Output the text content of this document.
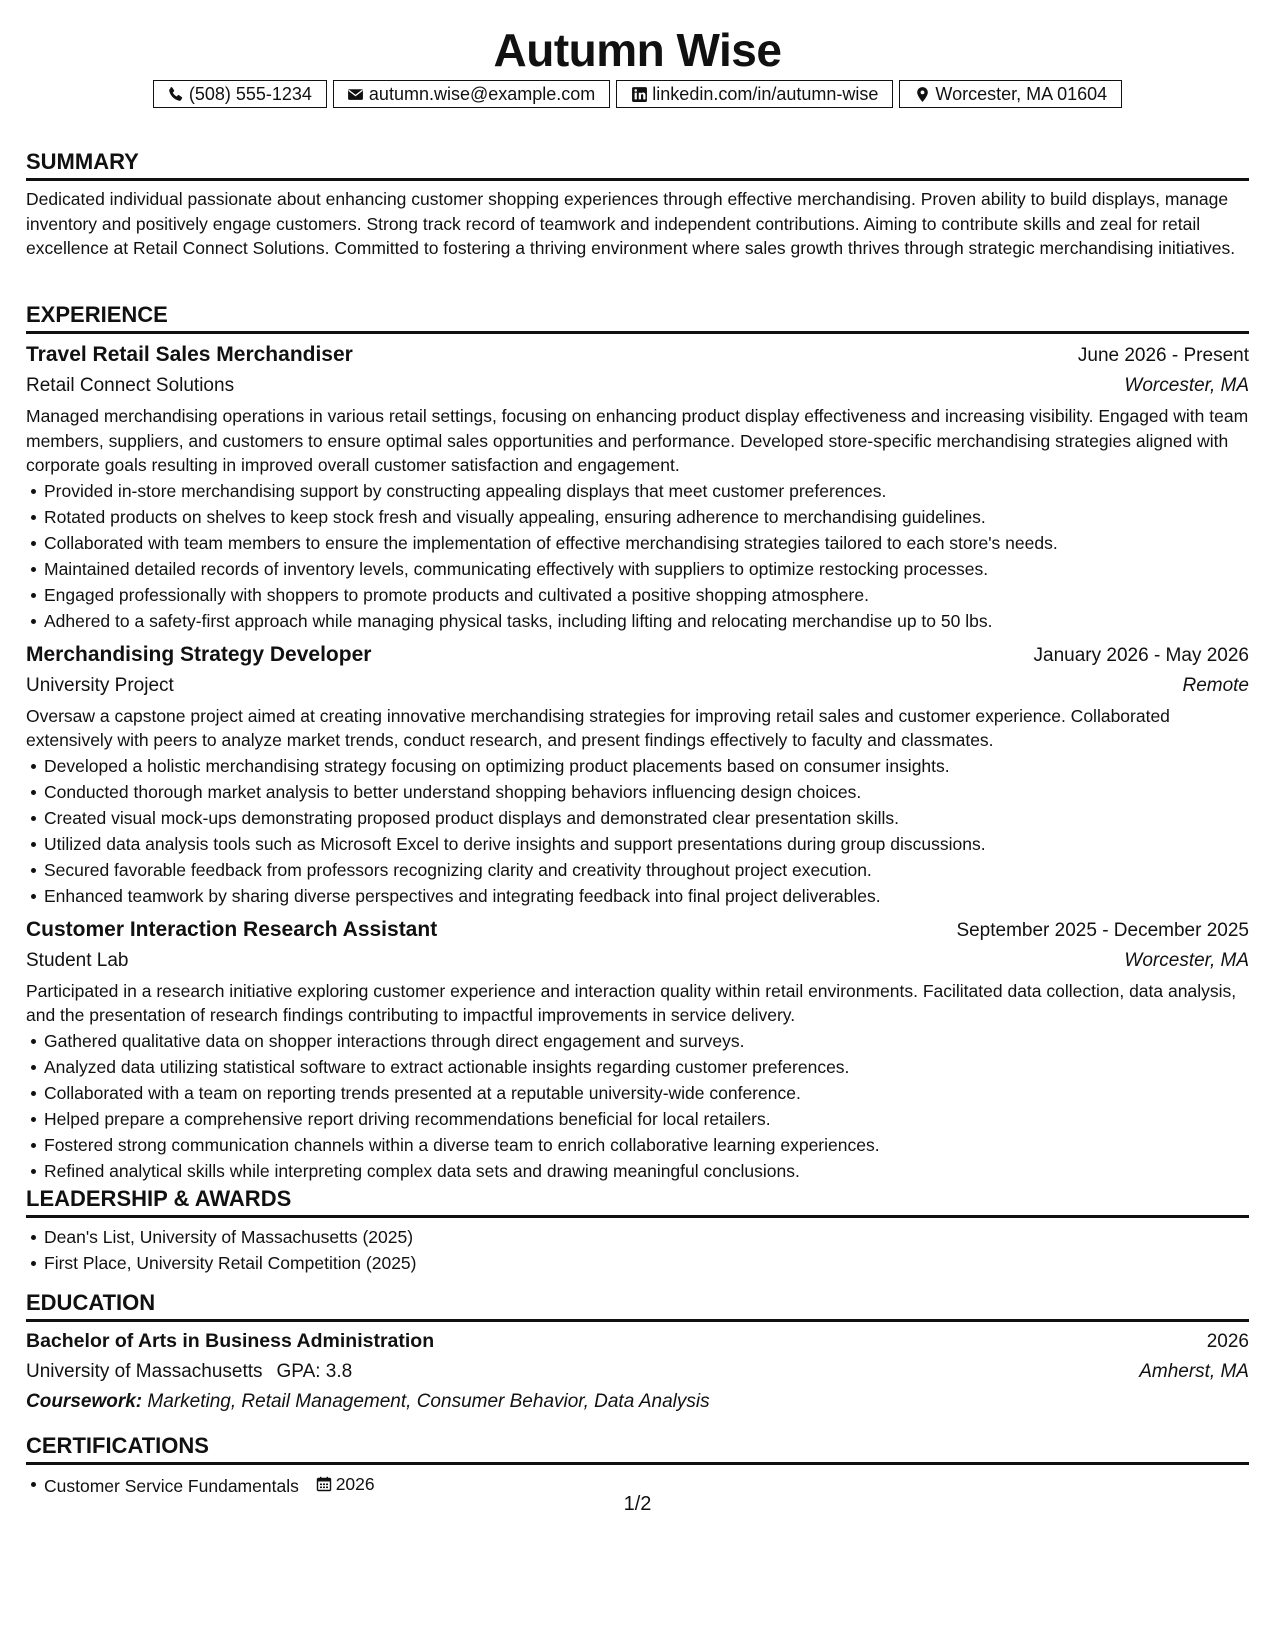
Autumn Wise
(508) 555-1234	autumn.wise@example.com	linkedin.com/in/autumn-wise	Worcester, MA 01604
SUMMARY

Dedicated individual passionate about enhancing customer shopping experiences through effective merchandising. Proven ability to build displays, manage inventory and positively engage customers. Strong track record of teamwork and independent contributions. Aiming to contribute skills and zeal for retail excellence at Retail Connect Solutions. Committed to fostering a thriving environment where sales growth thrives through strategic merchandising initiatives.

EXPERIENCE
Travel Retail Sales Merchandiser	June 2026 - Present
Retail Connect Solutions	Worcester, MA

Managed merchandising operations in various retail settings, focusing on enhancing product display effectiveness and increasing visibility. Engaged with team members, suppliers, and customers to ensure optimal sales opportunities and performance. Developed store-specific merchandising strategies aligned with corporate goals resulting in improved overall customer satisfaction and engagement.

Provided in-store merchandising support by constructing appealing displays that meet customer preferences.
Rotated products on shelves to keep stock fresh and visually appealing, ensuring adherence to merchandising guidelines.
Collaborated with team members to ensure the implementation of effective merchandising strategies tailored to each store's needs.
Maintained detailed records of inventory levels, communicating effectively with suppliers to optimize restocking processes.
Engaged professionally with shoppers to promote products and cultivated a positive shopping atmosphere.
Adhered to a safety-first approach while managing physical tasks, including lifting and relocating merchandise up to 50 lbs.
Merchandising Strategy Developer	January 2026 - May 2026
University Project	Remote

Oversaw a capstone project aimed at creating innovative merchandising strategies for improving retail sales and customer experience. Collaborated extensively with peers to analyze market trends, conduct research, and present findings effectively to faculty and classmates.

Developed a holistic merchandising strategy focusing on optimizing product placements based on consumer insights.
Conducted thorough market analysis to better understand shopping behaviors influencing design choices.
Created visual mock-ups demonstrating proposed product displays and demonstrated clear presentation skills.
Utilized data analysis tools such as Microsoft Excel to derive insights and support presentations during group discussions.
Secured favorable feedback from professors recognizing clarity and creativity throughout project execution.
Enhanced teamwork by sharing diverse perspectives and integrating feedback into final project deliverables.
Customer Interaction Research Assistant	September 2025 - December 2025
Student Lab	Worcester, MA

Participated in a research initiative exploring customer experience and interaction quality within retail environments. Facilitated data collection, data analysis, and the presentation of research findings contributing to impactful improvements in service delivery.

Gathered qualitative data on shopper interactions through direct engagement and surveys.
Analyzed data utilizing statistical software to extract actionable insights regarding customer preferences.
Collaborated with a team on reporting trends presented at a reputable university-wide conference.
Helped prepare a comprehensive report driving recommendations beneficial for local retailers.
Fostered strong communication channels within a diverse team to enrich collaborative learning experiences.
Refined analytical skills while interpreting complex data sets and drawing meaningful conclusions.
LEADERSHIP & AWARDS
Dean's List, University of Massachusetts (2025)
First Place, University Retail Competition (2025)
EDUCATION
Bachelor of Arts in Business Administration	2026
University of Massachusetts GPA: 3.8	Amherst, MA
Coursework: Marketing, Retail Management, Consumer Behavior, Data Analysis
CERTIFICATIONS
Customer Service Fundamentals 2026
1/2
